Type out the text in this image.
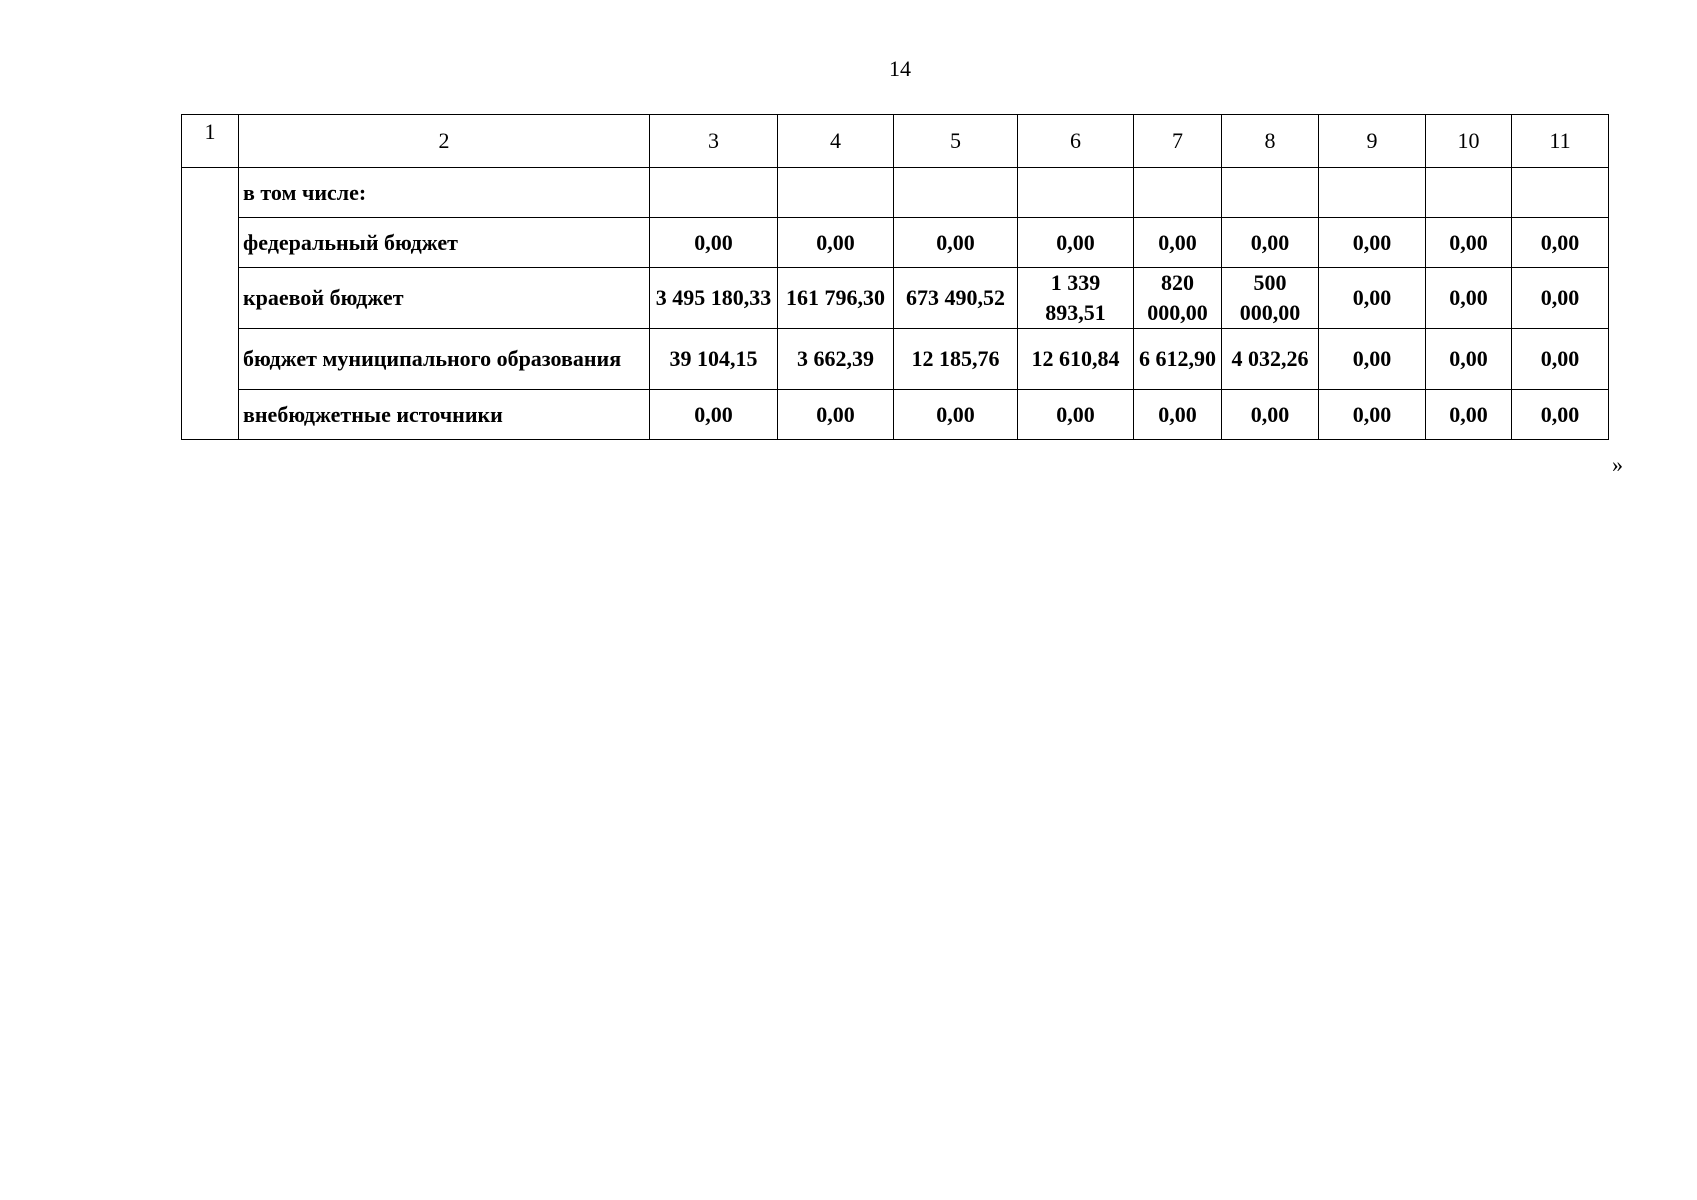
14
1	2	3	4	5	6	7	8	9	10	11
	в том числе:									
	федеральный бюджет	0,00	0,00	0,00	0,00	0,00	0,00	0,00	0,00	0,00
	краевой бюджет	3 495 180,33	161 796,30	673 490,52	1 339 893,51	820 000,00	500 000,00	0,00	0,00	0,00
	бюджет муниципального образования	39 104,15	3 662,39	12 185,76	12 610,84	6 612,90	4 032,26	0,00	0,00	0,00
	внебюджетные источники	0,00	0,00	0,00	0,00	0,00	0,00	0,00	0,00	0,00
»
